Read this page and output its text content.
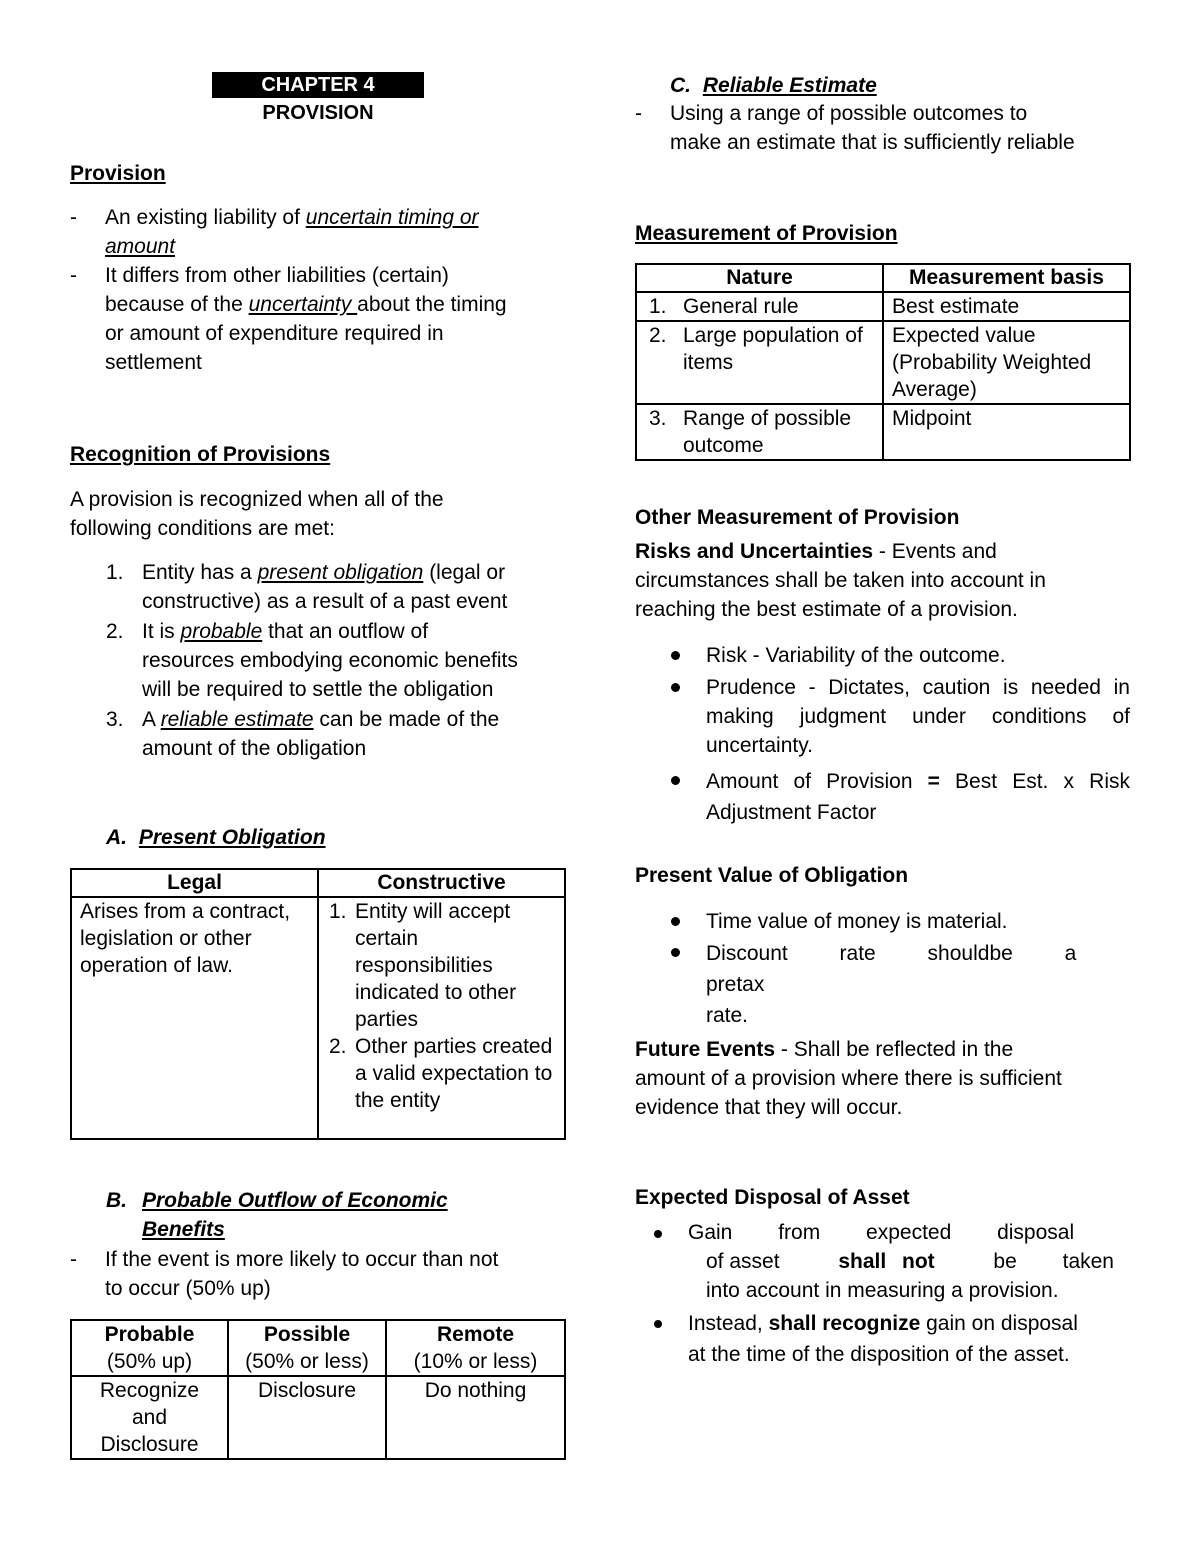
CHAPTER 4
PROVISION
Provision
- An existing liability of uncertain timing or
amount
- It differs from other liabilities (certain)
because of the uncertainty about the timing
or amount of expenditure required in
settlement
Recognition of Provisions
A provision is recognized when all of the
following conditions are met:
1. Entity has a present obligation (legal or
constructive) as a result of a past event
2. It is probable that an outflow of
resources embodying economic benefits
will be required to settle the obligation
3. A reliable estimate can be made of the
amount of the obligation
A. Present Obligation
Legal	Constructive
Arises from a contract, legislation or other operation of law.	1. Entity will accept certain responsibilities indicated to other parties
2. Other parties created a valid expectation to the entity
B. Probable Outflow of Economic
Benefits
- If the event is more likely to occur than not
to occur (50% up)
Probable
(50% up)	Possible
(50% or less)	Remote
(10% or less)
Recognize and Disclosure	Disclosure	Do nothing
C. Reliable Estimate
- Using a range of possible outcomes to
make an estimate that is sufficiently reliable
Measurement of Provision
Nature	Measurement basis

1. General rule	Best estimate

2. Large population of items	Expected value (Probability Weighted Average)

3. Range of possible outcome	Midpoint
Other Measurement of Provision
Risks and Uncertainties - Events and
circumstances shall be taken into account in
reaching the best estimate of a provision.
Risk - Variability of the outcome.
Prudence - Dictates, caution is needed in
making judgment under conditions of
uncertainty.
Amount of Provision = Best Est. x Risk
Adjustment Factor
Present Value of Obligation
Time value of money is material.
Discount rate shouldbe a pretax
rate.
Future Events - Shall be reflected in the
amount of a provision where there is sufficient
evidence that they will occur.
Expected Disposal of Asset
Gain from expected disposal
of asset	shall not	be taken
into account in measuring a provision.
Instead, shall recognize gain on disposal
at the time of the disposition of the asset.
